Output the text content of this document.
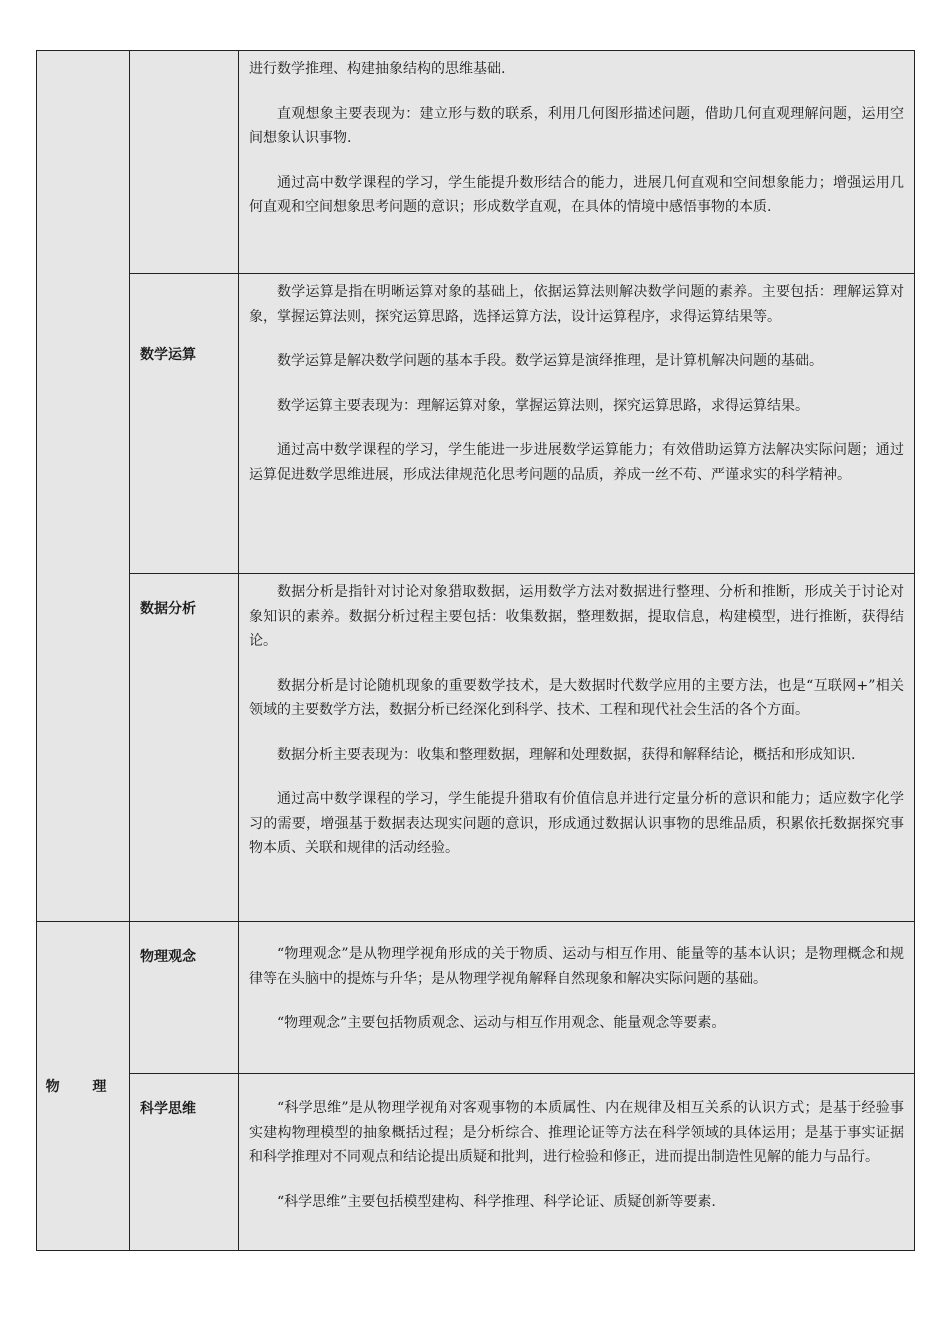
		进行数学推理、构建抽象结构的思维基础.

直观想象主要表现为：建立形与数的联系，利用几何图形描述问题，借助几何直观理解问题，运用空间想象认识事物.

通过高中数学课程的学习，学生能提升数形结合的能力，进展几何直观和空间想象能力；增强运用几何直观和空间想象思考问题的意识；形成数学直观，在具体的情境中感悟事物的本质.

	数学运算	数学运算是指在明晰运算对象的基础上，依据运算法则解决数学问题的素养。主要包括：理解运算对象，掌握运算法则，探究运算思路，选择运算方法，设计运算程序，求得运算结果等。

数学运算是解决数学问题的基本手段。数学运算是演绎推理，是计算机解决问题的基础。

数学运算主要表现为：理解运算对象，掌握运算法则，探究运算思路，求得运算结果。

通过高中数学课程的学习，学生能进一步进展数学运算能力；有效借助运算方法解决实际问题；通过运算促进数学思维进展，形成法律规范化思考问题的品质，养成一丝不苟、严谨求实的科学精神。

	数据分析	数据分析是指针对讨论对象猎取数据，运用数学方法对数据进行整理、分析和推断，形成关于讨论对象知识的素养。数据分析过程主要包括：收集数据，整理数据，提取信息，构建模型，进行推断，获得结论。

数据分析是讨论随机现象的重要数学技术，是大数据时代数学应用的主要方法，也是“互联网+”相关领域的主要数学方法，数据分析已经深化到科学、技术、工程和现代社会生活的各个方面。

数据分析主要表现为：收集和整理数据，理解和处理数据，获得和解释结论，概括和形成知识.

通过高中数学课程的学习，学生能提升猎取有价值信息并进行定量分析的意识和能力；适应数字化学习的需要，增强基于数据表达现实问题的意识，形成通过数据认识事物的思维品质，积累依托数据探究事物本质、关联和规律的活动经验。

物 理	物理观念	“物理观念”是从物理学视角形成的关于物质、运动与相互作用、能量等的基本认识；是物理概念和规律等在头脑中的提炼与升华；是从物理学视角解释自然现象和解决实际问题的基础。

“物理观念”主要包括物质观念、运动与相互作用观念、能量观念等要素。

	科学思维	“科学思维”是从物理学视角对客观事物的本质属性、内在规律及相互关系的认识方式；是基于经验事实建构物理模型的抽象概括过程；是分析综合、推理论证等方法在科学领域的具体运用；是基于事实证据和科学推理对不同观点和结论提出质疑和批判，进行检验和修正，进而提出制造性见解的能力与品行。

“科学思维”主要包括模型建构、科学推理、科学论证、质疑创新等要素.
